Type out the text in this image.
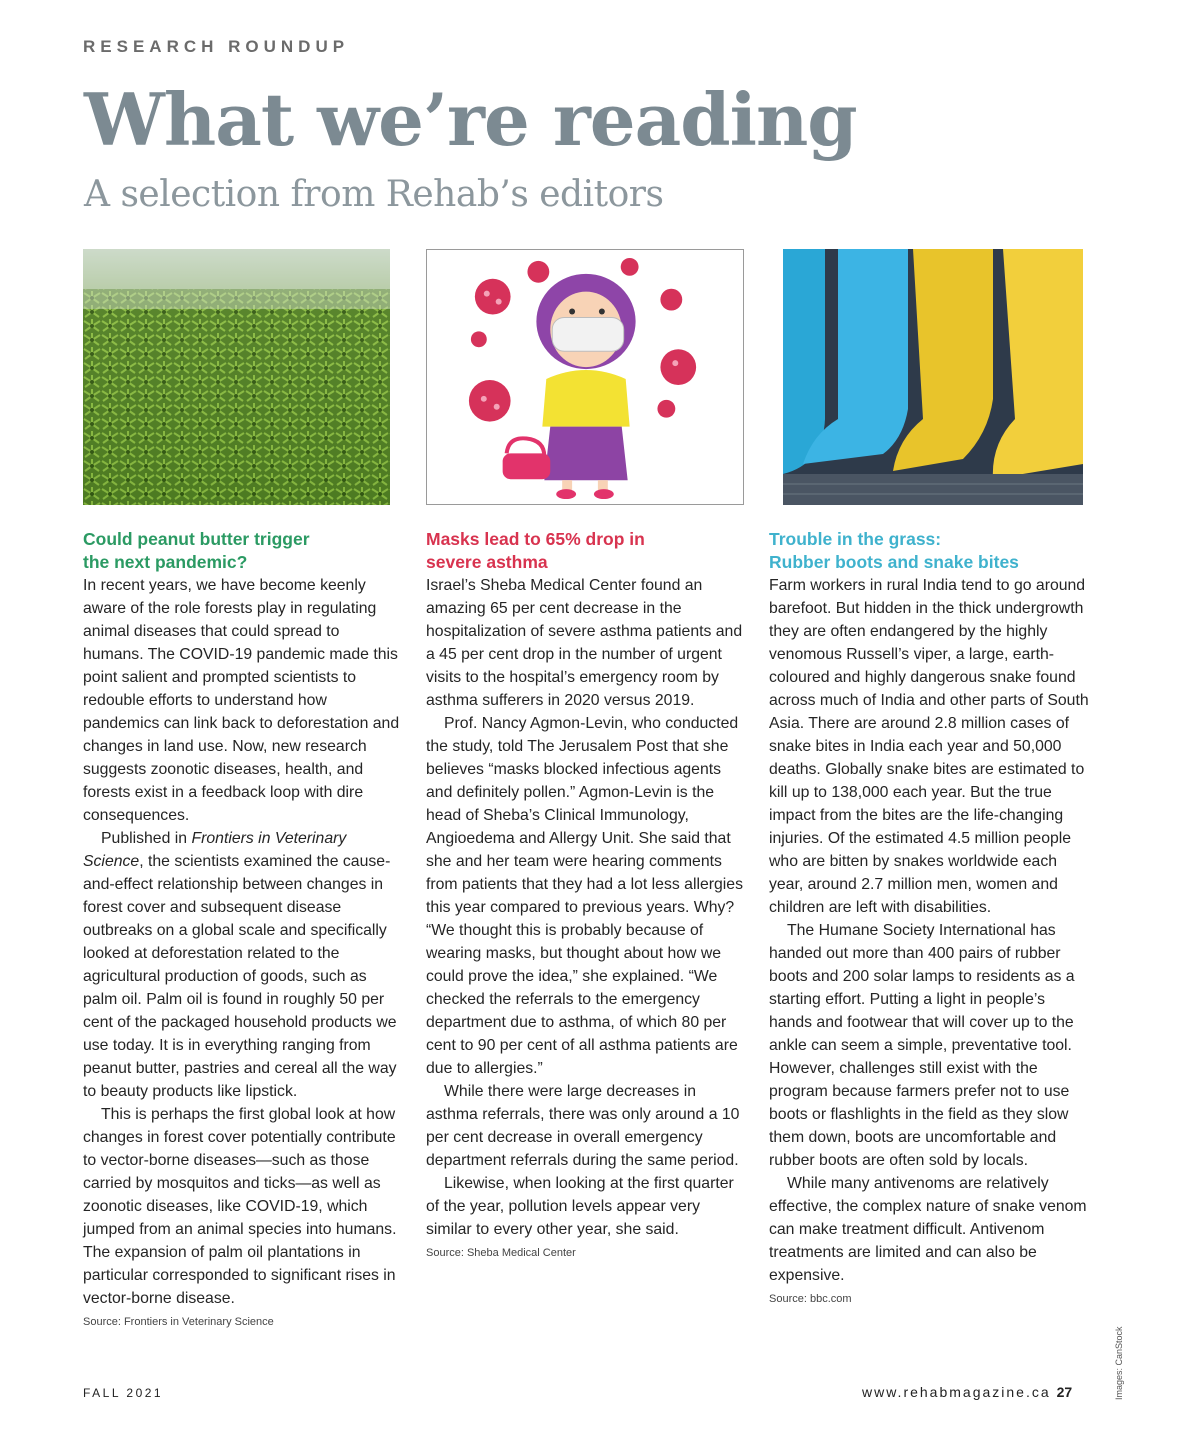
RESEARCH ROUNDUP
What we’re reading
A selection from Rehab’s editors
Could peanut butter trigger
the next pandemic?

In recent years, we have become keenly aware of the role forests play in regulating animal diseases that could spread to humans. The COVID-19 pandemic made this point salient and prompted scientists to redouble efforts to understand how pandemics can link back to deforestation and changes in land use. Now, new research suggests zoonotic diseases, health, and forests exist in a feedback loop with dire consequences.

Published in Frontiers in Veterinary Science, the scientists examined the cause-and-effect relationship between changes in forest cover and subsequent disease outbreaks on a global scale and specifically looked at deforestation related to the agricultural production of goods, such as palm oil. Palm oil is found in roughly 50 per cent of the packaged household products we use today. It is in everything ranging from peanut butter, pastries and cereal all the way to beauty products like lipstick.

This is perhaps the first global look at how changes in forest cover potentially contribute to vector-borne diseases—such as those carried by mosquitos and ticks—as well as zoonotic diseases, like COVID-19, which jumped from an animal species into humans. The expansion of palm oil plantations in particular corresponded to significant rises in vector-borne disease.

Source: Frontiers in Veterinary Science
Masks lead to 65% drop in
severe asthma

Israel’s Sheba Medical Center found an amazing 65 per cent decrease in the hospitalization of severe asthma patients and a 45 per cent drop in the number of urgent visits to the hospital’s emergency room by asthma sufferers in 2020 versus 2019.

Prof. Nancy Agmon-Levin, who conducted the study, told The Jerusalem Post that she believes “masks blocked infectious agents and definitely pollen.” Agmon-Levin is the head of Sheba’s Clinical Immunology, Angioedema and Allergy Unit. She said that she and her team were hearing comments from patients that they had a lot less allergies this year compared to previous years. Why? “We thought this is probably because of wearing masks, but thought about how we could prove the idea,” she explained. “We checked the referrals to the emergency department due to asthma, of which 80 per cent to 90 per cent of all asthma patients are due to allergies.”

While there were large decreases in asthma referrals, there was only around a 10 per cent decrease in overall emergency department referrals during the same period.

Likewise, when looking at the first quarter of the year, pollution levels appear very similar to every other year, she said.

Source: Sheba Medical Center
Trouble in the grass:
Rubber boots and snake bites

Farm workers in rural India tend to go around barefoot. But hidden in the thick undergrowth they are often endangered by the highly venomous Russell’s viper, a large, earth-coloured and highly dangerous snake found across much of India and other parts of South Asia. There are around 2.8 million cases of snake bites in India each year and 50,000 deaths. Globally snake bites are estimated to kill up to 138,000 each year. But the true impact from the bites are the life-changing injuries. Of the estimated 4.5 million people who are bitten by snakes worldwide each year, around 2.7 million men, women and children are left with disabilities.

The Humane Society International has handed out more than 400 pairs of rubber boots and 200 solar lamps to residents as a starting effort. Putting a light in people’s hands and footwear that will cover up to the ankle can seem a simple, preventative tool. However, challenges still exist with the program because farmers prefer not to use boots or flashlights in the field as they slow them down, boots are uncomfortable and rubber boots are often sold by locals.

While many antivenoms are relatively effective, the complex nature of snake venom can make treatment difficult. Antivenom treatments are limited and can also be expensive.

Source: bbc.com
FALL 2021	www.rehabmagazine.ca 27	Images: CanStock
